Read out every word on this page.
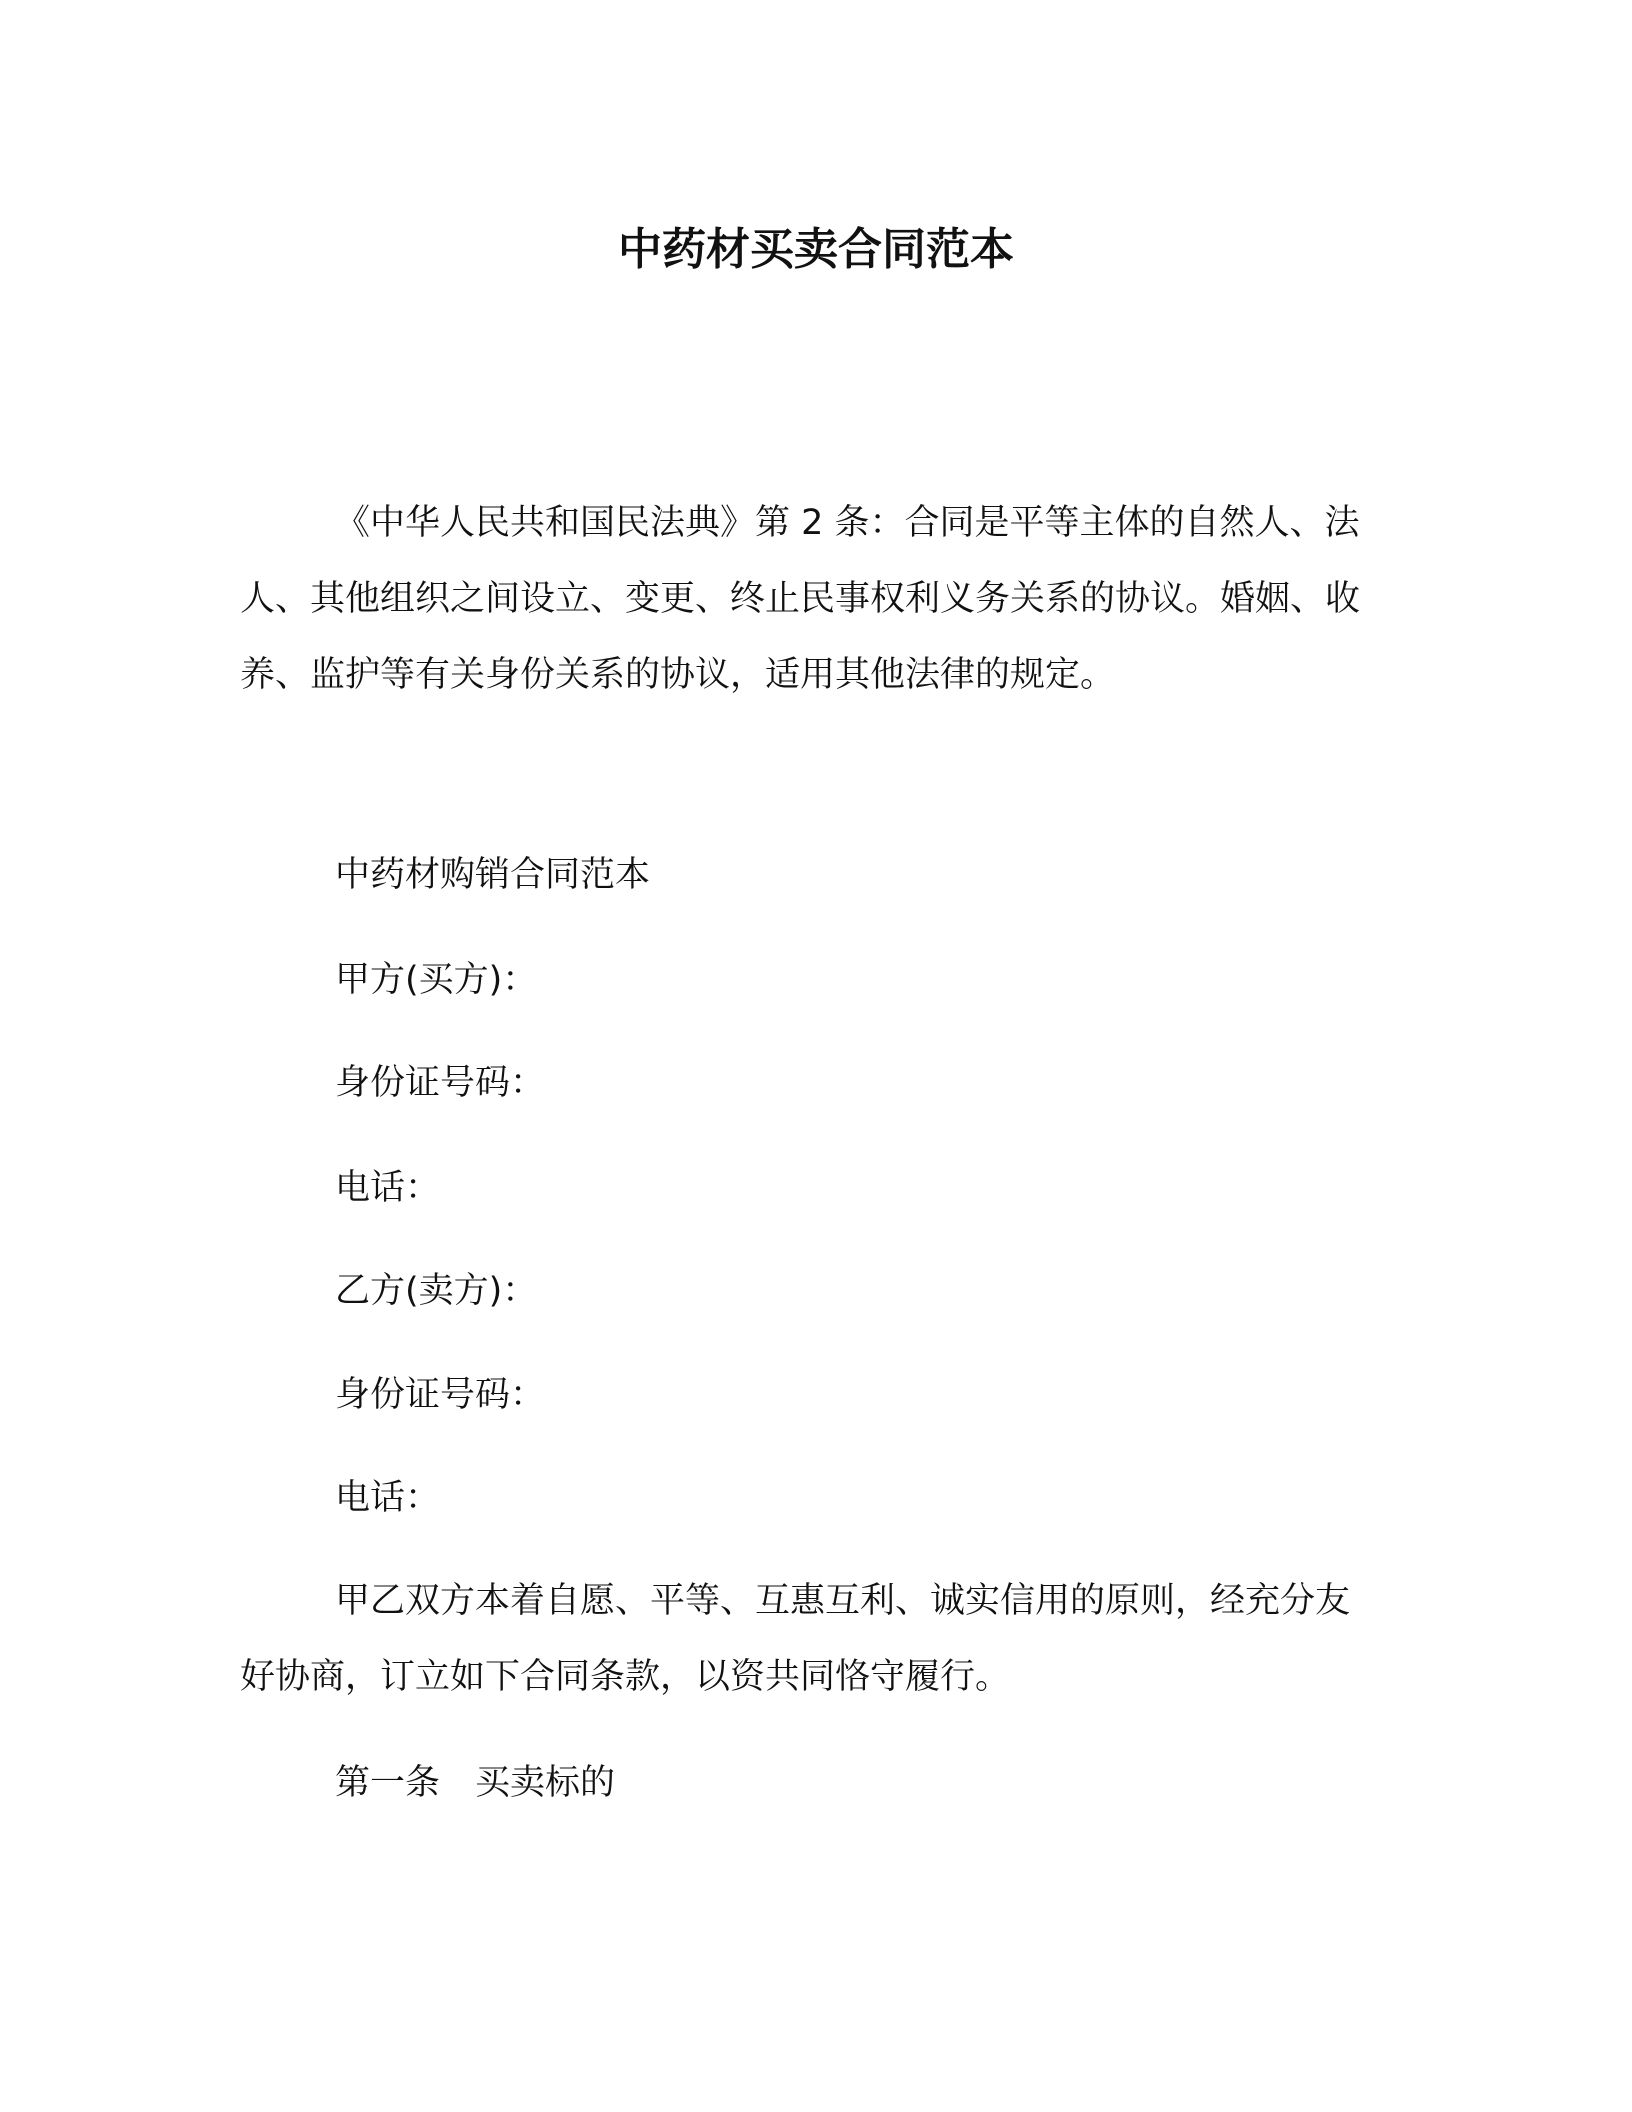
中药材买卖合同范本

《中华人民共和国民法典》第 2 条：合同是平等主体的自然人、法人、其他组织之间设立、变更、终止民事权利义务关系的协议。婚姻、收养、监护等有关身份关系的协议，适用其他法律的规定。

中药材购销合同范本
甲方(买方)：
身份证号码：
电话：
乙方(卖方)：
身份证号码：
电话：

甲乙双方本着自愿、平等、互惠互利、诚实信用的原则，经充分友好协商，订立如下合同条款，以资共同恪守履行。

第一条　买卖标的
